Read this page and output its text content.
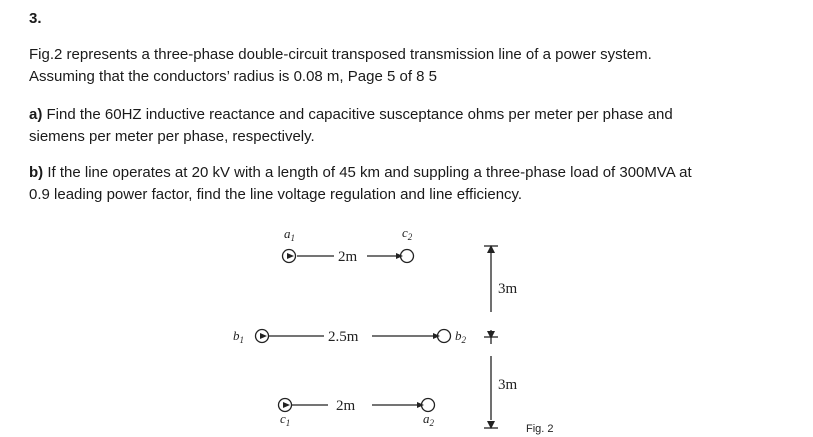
3.
Fig.2 represents a three-phase double-circuit transposed transmission line of a power system.
Assuming that the conductors’ radius is 0.08 m, Page 5 of 8 5
a) Find the 60HZ inductive reactance and capacitive susceptance ohms per meter per phase and
siemens per meter per phase, respectively.
b) If the line operates at 20 kV with a length of 45 km and suppling a three-phase load of 300MVA at
0.9 leading power factor, find the line voltage regulation and line efficiency.
$a_1$	$c_2$
$b_1$	$b_2$
$c_1$	$a_2$
2m
2.5m
2m
3m
3m
Fig. 2
